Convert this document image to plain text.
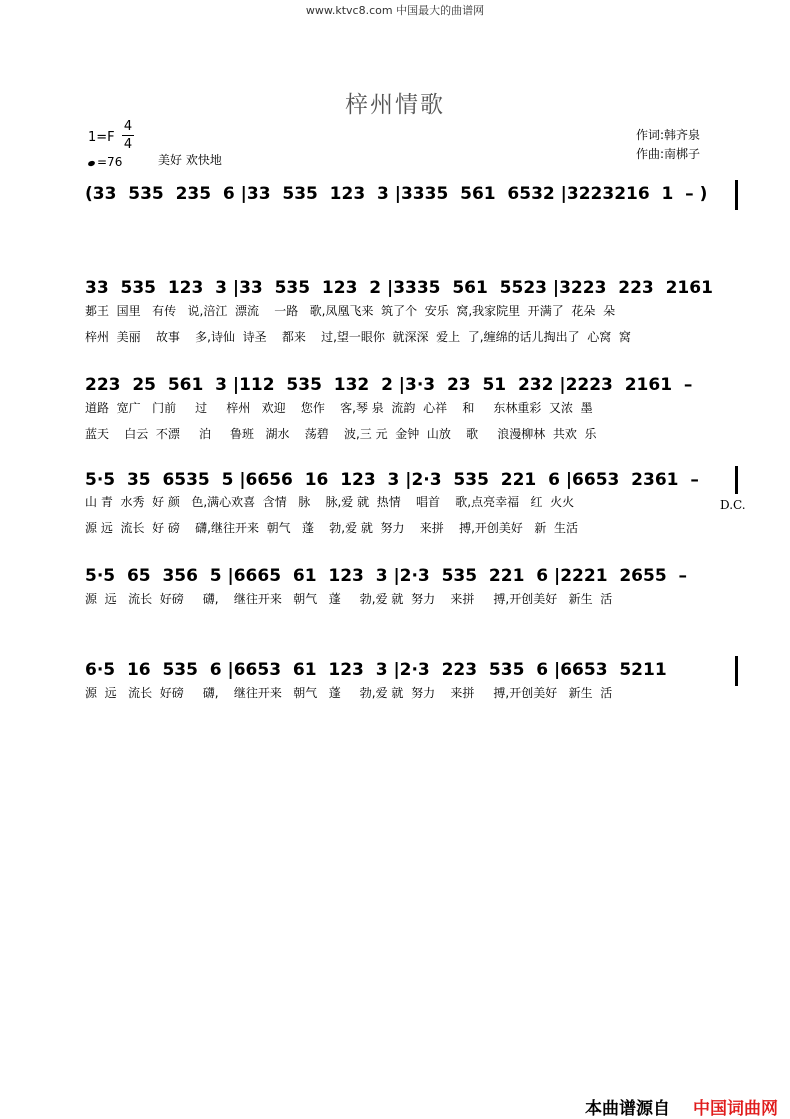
www.ktvc8.com 中国最大的曲谱网
梓州情歌
1=F
4
4
=76	美好 欢快地
作词:韩齐泉
作曲:南梆子
(33  535  235  6 |33  535  123  3 |3335  561  6532 |3223216  1  – )
33  535  123  3 |33  535  123  2 |3335  561  5523 |3223  223  2161
郪王  国里   有传   说,涪江  漂流    一路   歌,凤凰飞来  筑了个  安乐  窝,我家院里  开满了  花朵  朵
梓州  美丽    故事    多,诗仙  诗圣    都来    过,望一眼你  就深深  爱上  了,缠绵的话儿掏出了  心窝  窝
223  25  561  3 |112  535  132  2 |3·3  23  51  232 |2223  2161  –
道路  宽广   门前     过     梓州   欢迎    您作    客,琴 泉  流韵  心祥    和     东林重彩  又浓  墨
蓝天    白云  不漂     泊     鲁班   湖水    荡碧    波,三 元  金钟  山放    歌     浪漫柳林  共欢  乐
5·5  35  6535  5 |6656  16  123  3 |2·3  535  221  6 |6653  2361  –
D.C.
山 青  水秀  好 颜   色,满心欢喜  含情   脉    脉,爱 就  热情    唱首    歌,点亮幸福   红  火火
源 远  流长  好 磅    礴,继往开来  朝气   蓬    勃,爱 就  努力    来拼    搏,开创美好   新  生活
5·5  65  356  5 |6665  61  123  3 |2·3  535  221  6 |2221  2655  –
源  远   流长  好磅     礴,    继往开来   朝气   蓬     勃,爱 就  努力    来拼     搏,开创美好   新生  活
6·5  16  535  6 |6653  61  123  3 |2·3  223  535  6 |6653  5211
源  远   流长  好磅     礴,    继往开来   朝气   蓬     勃,爱 就  努力    来拼     搏,开创美好   新生  活
本曲谱源自 中国词曲网
